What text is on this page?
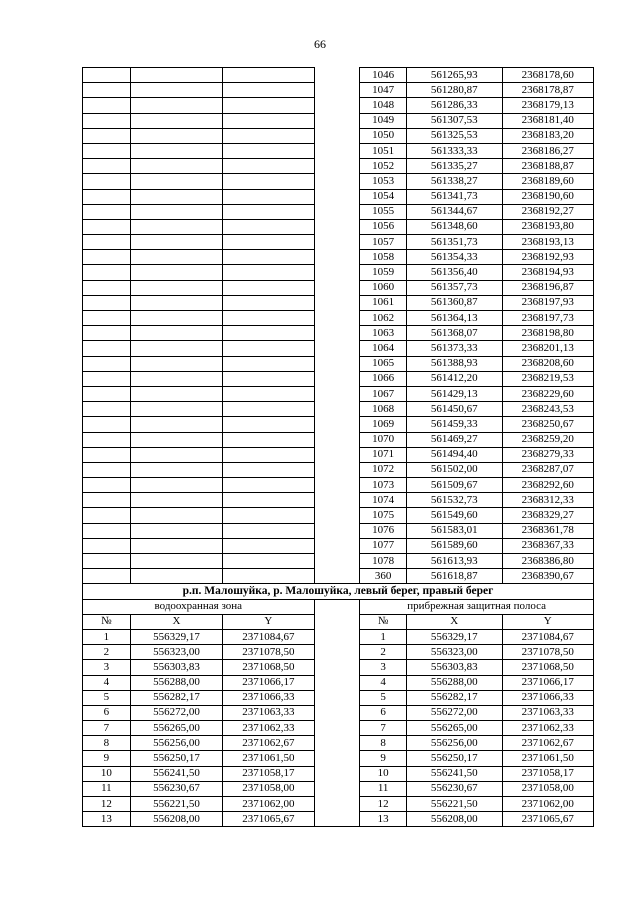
66
				1046	561265,93	2368178,60
				1047	561280,87	2368178,87
				1048	561286,33	2368179,13
				1049	561307,53	2368181,40
				1050	561325,53	2368183,20
				1051	561333,33	2368186,27
				1052	561335,27	2368188,87
				1053	561338,27	2368189,60
				1054	561341,73	2368190,60
				1055	561344,67	2368192,27
				1056	561348,60	2368193,80
				1057	561351,73	2368193,13
				1058	561354,33	2368192,93
				1059	561356,40	2368194,93
				1060	561357,73	2368196,87
				1061	561360,87	2368197,93
				1062	561364,13	2368197,73
				1063	561368,07	2368198,80
				1064	561373,33	2368201,13
				1065	561388,93	2368208,60
				1066	561412,20	2368219,53
				1067	561429,13	2368229,60
				1068	561450,67	2368243,53
				1069	561459,33	2368250,67
				1070	561469,27	2368259,20
				1071	561494,40	2368279,33
				1072	561502,00	2368287,07
				1073	561509,67	2368292,60
				1074	561532,73	2368312,33
				1075	561549,60	2368329,27
				1076	561583,01	2368361,78
				1077	561589,60	2368367,33
				1078	561613,93	2368386,80
				360	561618,87	2368390,67
р.п. Малошуйка, р. Малошуйка, левый берег, правый берег						
водоохранная зона				прибрежная защитная полоса		
№	X	Y		№	X	Y
1	556329,17	2371084,67		1	556329,17	2371084,67
2	556323,00	2371078,50		2	556323,00	2371078,50
3	556303,83	2371068,50		3	556303,83	2371068,50
4	556288,00	2371066,17		4	556288,00	2371066,17
5	556282,17	2371066,33		5	556282,17	2371066,33
6	556272,00	2371063,33		6	556272,00	2371063,33
7	556265,00	2371062,33		7	556265,00	2371062,33
8	556256,00	2371062,67		8	556256,00	2371062,67
9	556250,17	2371061,50		9	556250,17	2371061,50
10	556241,50	2371058,17		10	556241,50	2371058,17
11	556230,67	2371058,00		11	556230,67	2371058,00
12	556221,50	2371062,00		12	556221,50	2371062,00
13	556208,00	2371065,67		13	556208,00	2371065,67
